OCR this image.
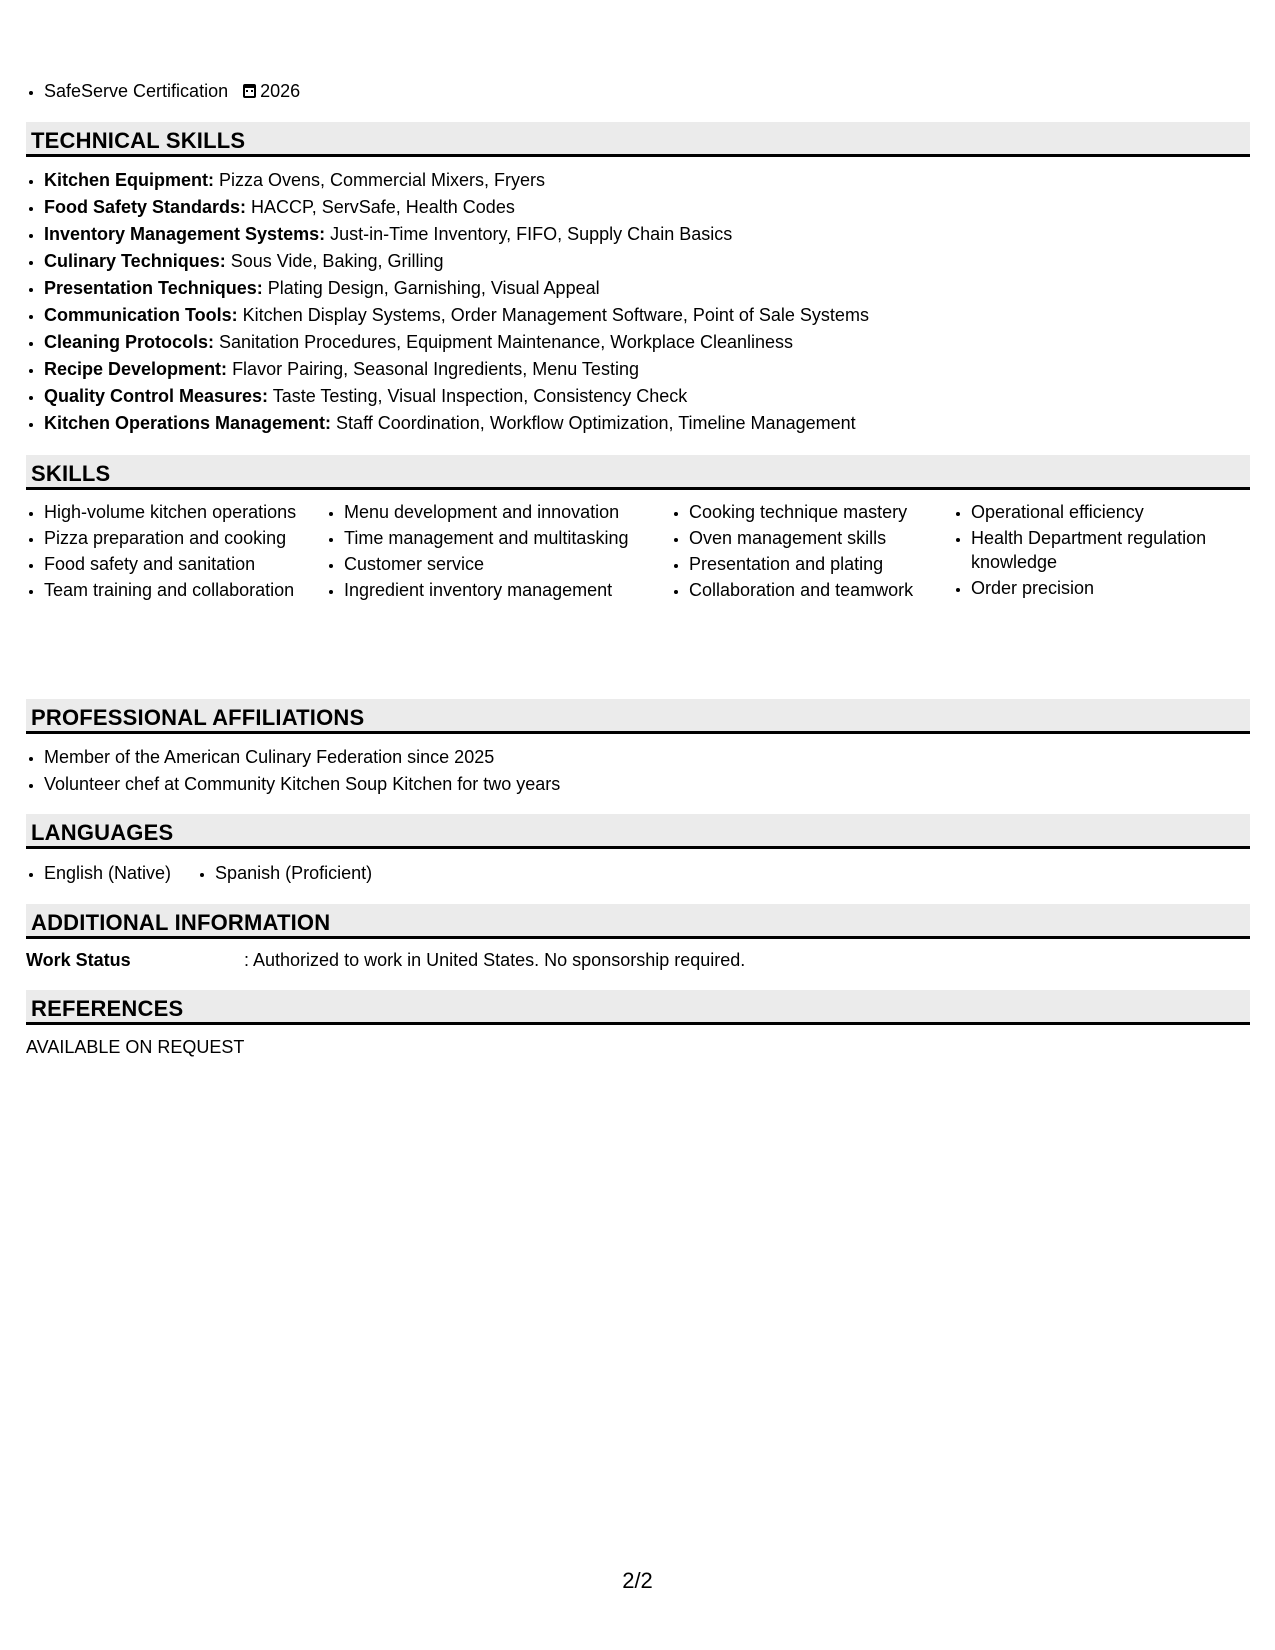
• SafeServe Certification 2026
TECHNICAL SKILLS
• Kitchen Equipment: Pizza Ovens, Commercial Mixers, Fryers
• Food Safety Standards: HACCP, ServSafe, Health Codes
• Inventory Management Systems: Just-in-Time Inventory, FIFO, Supply Chain Basics
• Culinary Techniques: Sous Vide, Baking, Grilling
• Presentation Techniques: Plating Design, Garnishing, Visual Appeal
• Communication Tools: Kitchen Display Systems, Order Management Software, Point of Sale Systems
• Cleaning Protocols: Sanitation Procedures, Equipment Maintenance, Workplace Cleanliness
• Recipe Development: Flavor Pairing, Seasonal Ingredients, Menu Testing
• Quality Control Measures: Taste Testing, Visual Inspection, Consistency Check
• Kitchen Operations Management: Staff Coordination, Workflow Optimization, Timeline Management
SKILLS
• High-volume kitchen operations
• Pizza preparation and cooking
• Food safety and sanitation
• Team training and collaboration
• Menu development and innovation
• Time management and multitasking
• Customer service
• Ingredient inventory management
• Cooking technique mastery
• Oven management skills
• Presentation and plating
• Collaboration and teamwork
• Operational efficiency
• Health Department regulation knowledge
• Order precision
PROFESSIONAL AFFILIATIONS
• Member of the American Culinary Federation since 2025
• Volunteer chef at Community Kitchen Soup Kitchen for two years
LANGUAGES
• English (Native)
• Spanish (Proficient)
ADDITIONAL INFORMATION
Work Status	: Authorized to work in United States. No sponsorship required.
REFERENCES
AVAILABLE ON REQUEST
2/2
